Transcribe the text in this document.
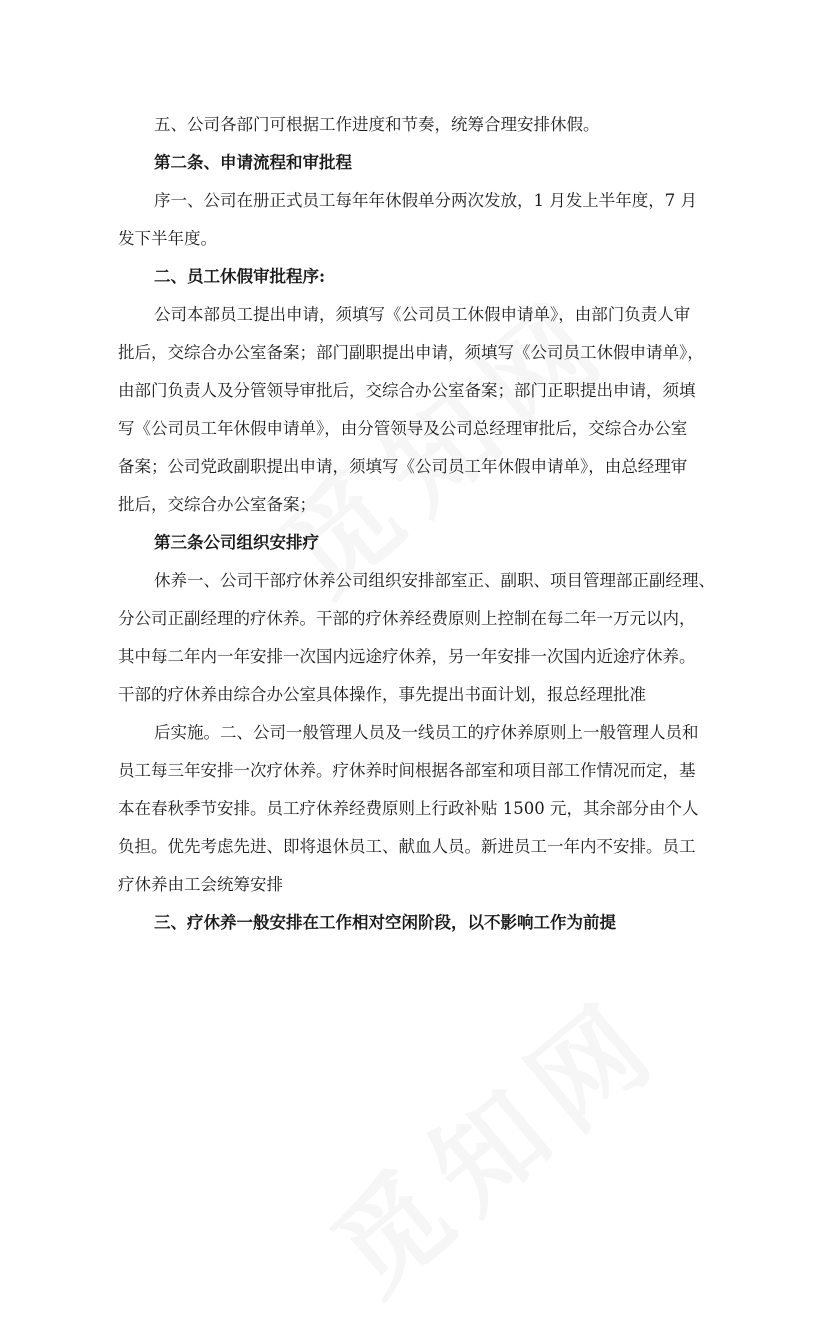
五、公司各部门可根据工作进度和节奏，统筹合理安排休假。

第二条、申请流程和审批程

序一、公司在册正式员工每年年休假单分两次发放，1 月发上半年度，7 月

发下半年度。

二、员工休假审批程序:

公司本部员工提出申请，须填写《公司员工休假申请单》，由部门负责人审

批后，交综合办公室备案；部门副职提出申请，须填写《公司员工休假申请单》，

由部门负责人及分管领导审批后，交综合办公室备案；部门正职提出申请，须填

写《公司员工年休假申请单》，由分管领导及公司总经理审批后，交综合办公室

备案；公司党政副职提出申请，须填写《公司员工年休假申请单》，由总经理审

批后，交综合办公室备案；

第三条公司组织安排疗

休养一、公司干部疗休养公司组织安排部室正、副职、项目管理部正副经理、

分公司正副经理的疗休养。干部的疗休养经费原则上控制在每二年一万元以内，

其中每二年内一年安排一次国内远途疗休养，另一年安排一次国内近途疗休养。

干部的疗休养由综合办公室具体操作，事先提出书面计划，报总经理批准

后实施。二、公司一般管理人员及一线员工的疗休养原则上一般管理人员和

员工每三年安排一次疗休养。疗休养时间根据各部室和项目部工作情况而定，基

本在春秋季节安排。员工疗休养经费原则上行政补贴 1500 元，其余部分由个人

负担。优先考虑先进、即将退休员工、献血人员。新进员工一年内不安排。员工

疗休养由工会统筹安排

三、疗休养一般安排在工作相对空闲阶段，以不影响工作为前提
